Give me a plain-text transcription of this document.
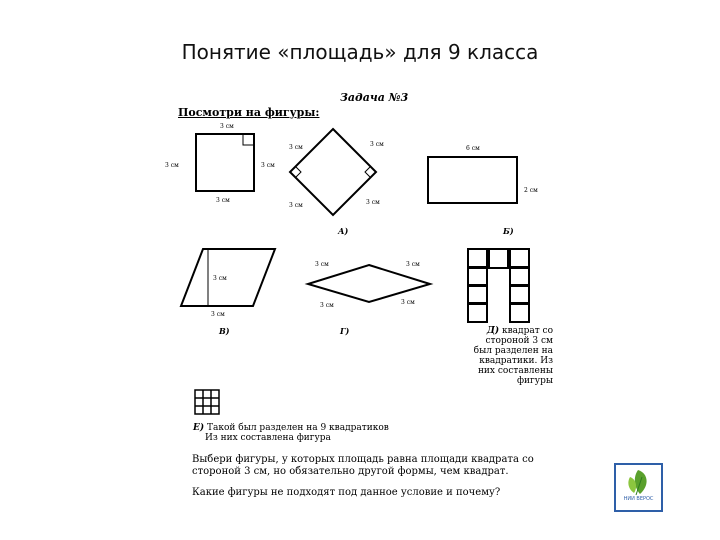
Понятие «площадь» для 9 класса
Задача №3
Посмотри на фигуры:
3 см
3 см	3 см
3 см
3 см	3 см
3 см	3 см
6 см
2 см
3 см
3 см
3 см	3 см
3 см	3 см
А)	Б)
В)	Г)	Д) квадрат со стороной 3 см был разделен на квадратики. Из них составлены фигуры
Е) Такой был разделен на 9 квадратиков
Из них составлена фигура
Выбери фигуры, у которых площадь равна площади квадрата со стороной 3 см, но обязательно другой формы, чем квадрат.
Какие фигуры не подходят под данное условие и почему?
НИИ ВЕРОС
